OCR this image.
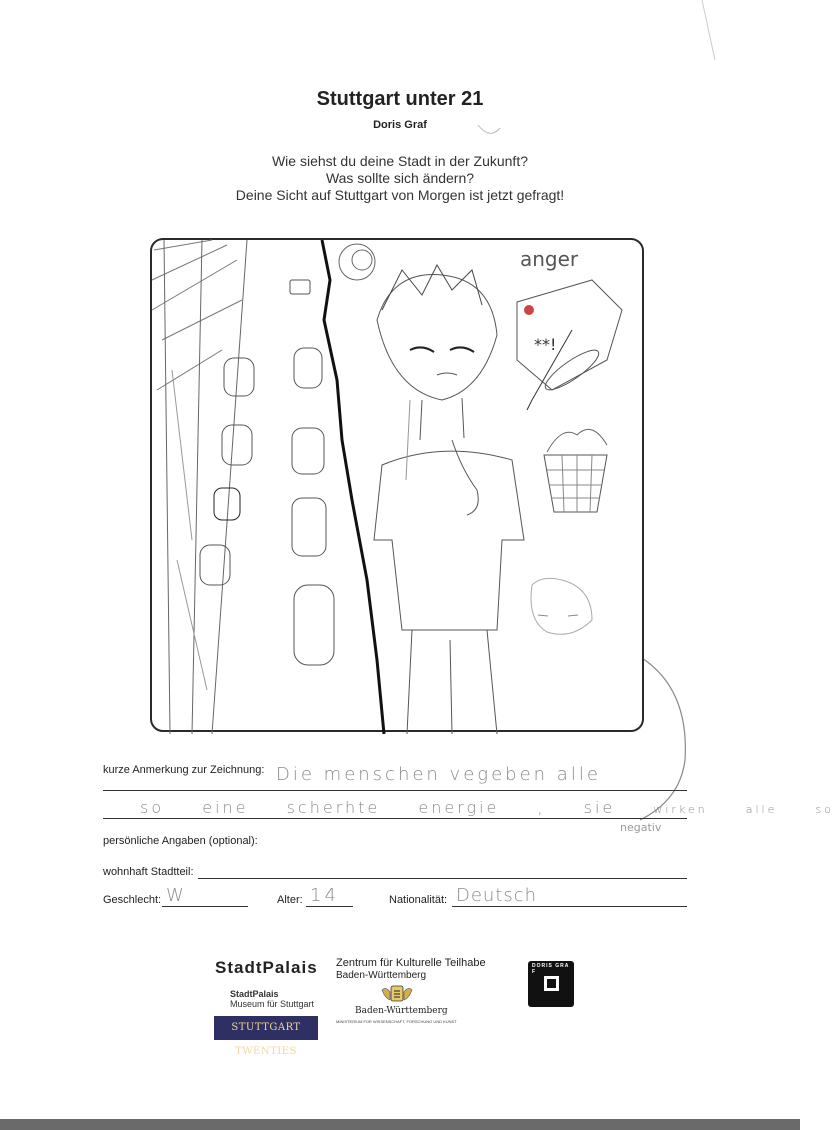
Stuttgart unter 21
Doris Graf
Wie siehst du deine Stadt in der Zukunft?
Was sollte sich ändern?
Deine Sicht auf Stuttgart von Morgen ist jetzt gefragt!
anger
**!
kurze Anmerkung zur Zeichnung: Die menschen vegeben alle
so eine scherhte energie , sie	wirken	alle	so
negativ
persönliche Angaben (optional):
wohnhaft Stadtteil:
Geschlecht: W	Alter: 14	Nationalität: Deutsch
StadtPalais
StadtPalais
Museum für Stuttgart
STUTTGART TWENTIES
Zentrum für Kulturelle Teilhabe
Baden-Württemberg
Baden-Württemberg
MINISTERIUM FÜR WISSENSCHAFT, FORSCHUNG UND KUNST
DORIS GRAF
